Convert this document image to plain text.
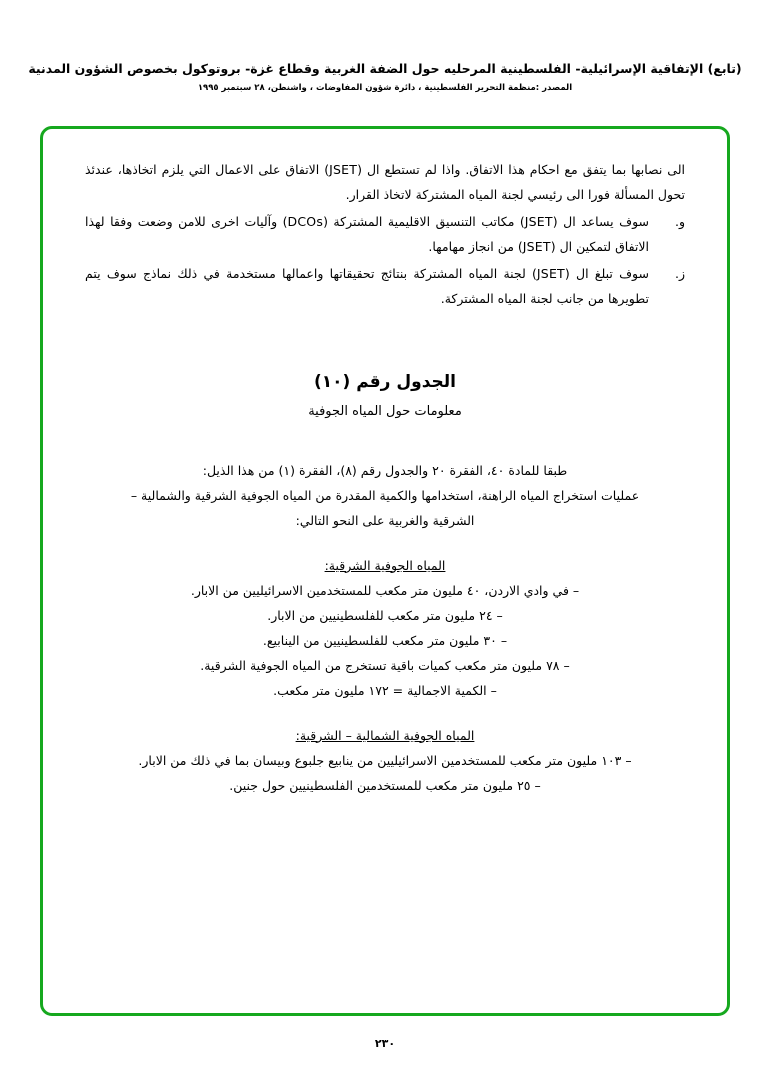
(تابع) الإتفاقية الإسرائيلية- الفلسطينية المرحليه حول الضفة الغربية وقطاع غزة- بروتوكول بخصوص الشؤون المدنية
المصدر :منظمة التحرير الفلسطينية ، دائرة شؤون المفاوضات ، واشنطن، ٢٨ سبتمبر ١٩٩٥

الى نصابها بما يتفق مع احكام هذا الاتفاق. واذا لم تستطع ال (JSET) الاتفاق على الاعمال التي يلزم اتخاذها، عندئذ تحول المسألة فورا الى رئيسي لجنة المياه المشتركة لاتخاذ القرار.

و.
سوف يساعد ال (JSET) مكاتب التنسيق الاقليمية المشتركة (DCOs) وآليات اخرى للامن وضعت وفقا لهذا الاتفاق لتمكين ال (JSET) من انجاز مهامها.
ز.
سوف تبلغ ال (JSET) لجنة المياه المشتركة بنتائج تحقيقاتها واعمالها مستخدمة في ذلك نماذج سوف يتم تطويرها من جانب لجنة المياه المشتركة.
الجدول رقم (١٠)
معلومات حول المياه الجوفية

طبقا للمادة ٤٠، الفقرة ٢٠ والجدول رقم (٨)، الفقرة (١) من هذا الذيل:

عمليات استخراج المياه الراهنة، استخدامها والكمية المقدرة من المياه الجوفية الشرقية والشمالية –

الشرقية والغربية على النحو التالي:

المياه الجوفية الشرقية:

– في وادي الاردن، ٤٠ مليون متر مكعب للمستخدمين الاسرائيليين من الابار.

– ٢٤ مليون متر مكعب للفلسطينيين من الابار.

– ٣٠ مليون متر مكعب للفلسطينيين من الينابيع.

– ٧٨ مليون متر مكعب كميات باقية تستخرج من المياه الجوفية الشرقية.

– الكمية الاجمالية = ١٧٢ مليون متر مكعب.

المياه الجوفية الشمالية – الشرقية:

– ١٠٣ مليون متر مكعب للمستخدمين الاسرائيليين من ينابيع جلبوع وبيسان بما في ذلك من الابار.

– ٢٥ مليون متر مكعب للمستخدمين الفلسطينيين حول جنين.

٢٣٠
